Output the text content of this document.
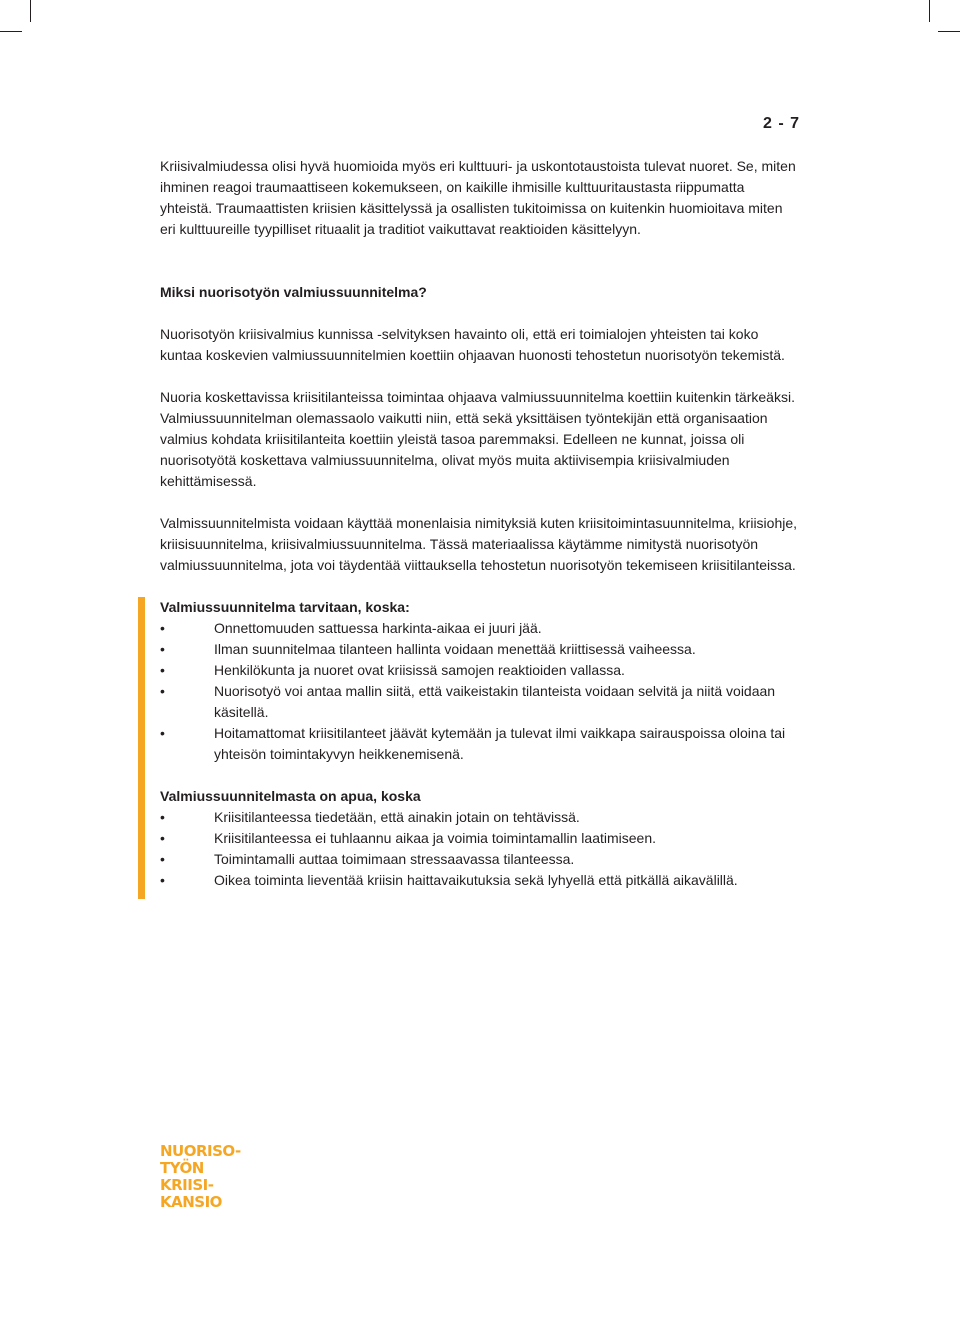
2 - 7

Kriisivalmiudessa olisi hyvä huomioida myös eri kulttuuri- ja uskontotaustoista tulevat nuoret. Se, miten ihminen reagoi traumaattiseen kokemukseen, on kaikille ihmisille kulttuuritaustasta riippumatta yhteistä. Traumaattisten kriisien käsittelyssä ja osallisten tukitoimissa on kuitenkin huomioitava miten eri kulttuureille tyypilliset rituaalit ja traditiot vaikuttavat reaktioiden käsittelyyn.

Miksi nuorisotyön valmiussuunnitelma?

Nuorisotyön kriisivalmius kunnissa -selvityksen havainto oli, että eri toimialojen yhteisten tai koko kuntaa koskevien valmiussuunnitelmien koettiin ohjaavan huonosti tehostetun nuorisotyön tekemistä.

Nuoria koskettavissa kriisitilanteissa toimintaa ohjaava valmiussuunnitelma koettiin kuitenkin tärkeäksi. Valmiussuunnitelman olemassaolo vaikutti niin, että sekä yksittäisen työntekijän että organisaation valmius kohdata kriisitilanteita koettiin yleistä tasoa paremmaksi. Edelleen ne kunnat, joissa oli nuorisotyötä koskettava valmiussuunnitelma, olivat myös muita aktiivisempia kriisivalmiuden kehittämisessä.

Valmissuunnitelmista voidaan käyttää monenlaisia nimityksiä kuten kriisitoimintasuunnitelma, kriisiohje, kriisisuunnitelma, kriisivalmiussuunnitelma. Tässä materiaalissa käytämme nimitystä nuorisotyön valmiussuunnitelma, jota voi täydentää viittauksella tehostetun nuorisotyön tekemiseen kriisitilanteissa.

Valmiussuunnitelma tarvitaan, koska:
•	Onnettomuuden sattuessa harkinta-aikaa ei juuri jää.
•	Ilman suunnitelmaa tilanteen hallinta voidaan menettää kriittisessä vaiheessa.
•	Henkilökunta ja nuoret ovat kriisissä samojen reaktioiden vallassa.
•	Nuorisotyö voi antaa mallin siitä, että vaikeistakin tilanteista voidaan selvitä ja niitä voidaan käsitellä.
•	Hoitamattomat kriisitilanteet jäävät kytemään ja tulevat ilmi vaikkapa sairauspoissa oloina tai yhteisön toimintakyvyn heikkenemisenä.
Valmiussuunnitelmasta on apua, koska
•	Kriisitilanteessa tiedetään, että ainakin jotain on tehtävissä.
•	Kriisitilanteessa ei tuhlaannu aikaa ja voimia toimintamallin laatimiseen.
•	Toimintamalli auttaa toimimaan stressaavassa tilanteessa.
•	Oikea toiminta lieventää kriisin haittavaikutuksia sekä lyhyellä että pitkällä aikavälillä.
NUORISO-
TYÖN
KRIISI-
KANSIO
